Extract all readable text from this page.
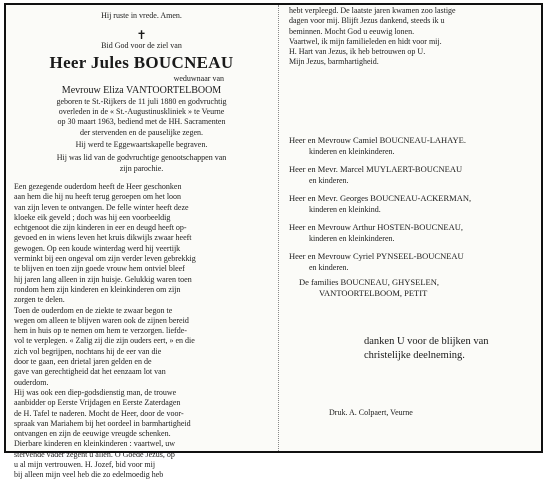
Hij ruste in vrede. Amen.
✝
Bid God voor de ziel van
Heer Jules BOUCNEAU
weduwnaar van
Mevrouw Eliza VANTOORTELBOOM
geboren te St.-Rijkers de 11 juli 1880 en godvruchtig
overleden in de « St.-Augustinuskliniek » te Veurne
op 30 maart 1963, bediend met de HH. Sacramenten
der stervenden en de pauselijke zegen.
Hij werd te Eggewaartskapelle begraven.
Hij was lid van de godvruchtige genootschappen van
zijn parochie.
Een gezegende ouderdom heeft de Heer geschonken
aan hem die hij nu heeft terug geroepen om het loon
van zijn leven te ontvangen. De felle winter heeft deze
kloeke eik geveld ; doch was hij een voorbeeldig
echtgenoot die zijn kinderen in eer en deugd heeft op-
gevoed en in wiens leven het kruis dikwijls zwaar heeft
gewogen. Op een koude winterdag werd hij veertijk
verminkt bij een ongeval om zijn verder leven gebrekkig
te blijven en toen zijn goede vrouw hem ontviel bleef
hij jaren lang alleen in zijn huisje. Gelukkig waren toen
rondom hem zijn kinderen en kleinkinderen om zijn
zorgen te delen.
Toen de ouderdom en de ziekte te zwaar begon te
wegen om alleen te blijven waren ook de zijnen bereid
hem in huis op te nemen om hem te verzorgen. liefde-
vol te verplegen. « Zalig zij die zijn ouders eert, » en die
zich vol begrijpen, nochtans hij de eer van die
door te gaan, een drietal jaren gelden en de
gave van gerechtigheid dat het eenzaam lot van
ouderdom.
Hij was ook een diep-godsdienstig man, de trouwe
aanbidder op Eerste Vrijdagen en Eerste Zaterdagen
de H. Tafel te naderen. Mocht de Heer, door de voor-
spraak van Mariahem bij het oordeel in barmhartigheid
ontvangen en zijn de eeuwige vreugde schenken.
Dierbare kinderen en kleinkinderen : vaartwel, uw
stervende vader zegent u allen. O Goede Jezus, op
u al mijn vertrouwen. H. Jozef, bid voor mij
bij alleen mijn veel heb die zo edelmoedig heb
hebt verpleegd. De laatste jaren kwamen zoo lastige
dagen voor mij. Blijft Jezus dankend, steeds ik u
beminnen. Mocht God u eeuwig lonen.
Vaartwel, ik mijn familieleden en hidt voor mij.
H. Hart van Jezus, ik heb betrouwen op U.
Mijn Jezus, barmhartigheid.
Heer en Mevrouw Camiel BOUCNEAU-LAHAYE.
kinderen en kleinkinderen.
Heer en Mevr. Marcel MUYLAERT-BOUCNEAU
en kinderen.
Heer en Mevr. Georges BOUCNEAU-ACKERMAN,
kinderen en kleinkind.
Heer en Mevrouw Arthur HOSTEN-BOUCNEAU,
kinderen en kleinkinderen.
Heer en Mevrouw Cyriel PYNSEEL-BOUCNEAU
en kinderen.
De families BOUCNEAU, GHYSELEN,
VANTOORTELBOOM, PETIT
danken U voor de blijken van
christelijke deelneming.
Druk. A. Colpaert, Veurne
